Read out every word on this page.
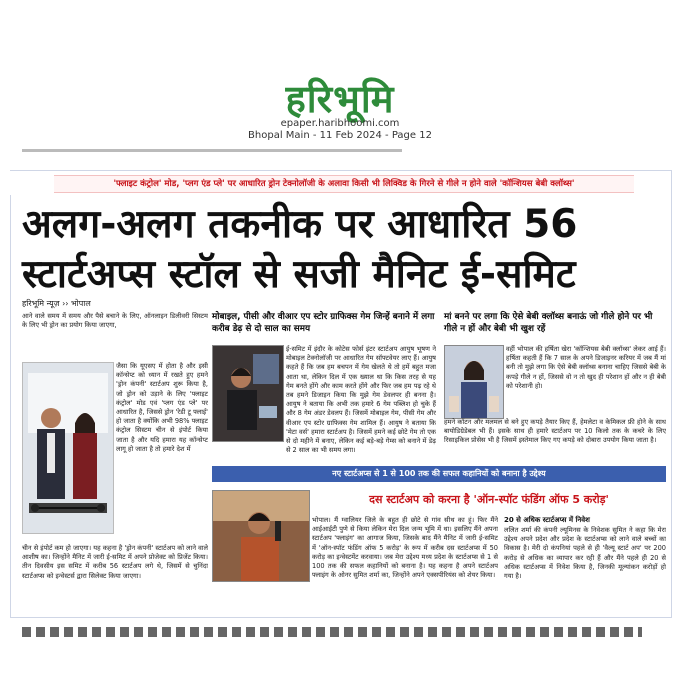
हरिभूमि
epaper.haribhoomi.com
Bhopal Main - 11 Feb 2024 - Page 12
'फ्लाइट कंट्रोल' मोड, 'प्लग एंड प्ले' पर आधारित ड्रोन टेक्नोलॉजी के अलावा किसी भी लिक्विड के गिरने से गीले न होने वाले 'कॉन्शियस बेबी क्लॉथ्स'
अलग-अलग तकनीक पर आधारित 56
स्टार्टअप्स स्टॉल से सजी मैनिट ई-समिट
हरिभूमि न्यूज़ ›› भोपाल
आने वाले समय में समय और पैसे बचाने के लिए, ऑनलाइन डिलीवरी सिस्टम के लिए भी ड्रोन का प्रयोग किया जाएगा,
जैसा कि यूएसए में होता है और इसी कॉन्सेप्ट को ध्यान में रखते हुए हमने 'ड्रोन कंपनी' स्टार्टअप शुरू किया है, जो ड्रोन को उड़ाने के लिए 'फ्लाइट कंट्रोल' मोड एवं 'प्लग एंड प्ले' पर आधारित है, जिससे ड्रोन 'रेडी टू फ्लाई' हो जाता है क्योंकि अभी 98% फ्लाइट कंट्रोल सिस्टम चीन से इंपोर्ट किया जाता है और यदि हमारा यह कॉन्सेप्ट लागू हो जाता है तो हमारे देश में
चीन से इंपोर्ट कम हो जाएगा। यह कहना है 'ड्रोन कंपनी' स्टार्टअप को लाने वाले आशीष का। जिन्होंने मैनिट में जारी ई-समिट में अपने प्रोजेक्ट को प्रिजेंट किया। तीन दिवसीय इस समिट में करीब 56 स्टार्टअप लगे थे, जिसमें से चुनिंदा स्टार्टअप्स को इन्वेस्टर्स द्वारा सिलेक्ट किया जाएगा।
मोबाइल, पीसी और वीआर एप स्टोर ग्राफिक्स गेम जिन्हें बनाने में लगा करीब डेढ़ से दो साल का समय
ई-समिट में इंदौर के कोटेस फोर्स इंटर स्टार्टअप आयुष भूषण ने मोबाइल टेक्नोलॉजी पर आधारित गेम सॉफ्टवेयर लाए हैं। आयुष कहते हैं कि जब हम बचपन में गेम खेलते थे तो हमें बहुत मजा आता था, लेकिन दिल में एक ख्याल था कि किस तरह से यह गेम बनते होंगे और काम करते होंगे और फिर जब हम पढ़ रहे थे तब हमने डिजाइन किया कि मुझे गेम डेवलपर ही बनना है। आयुष ने बताया कि अभी तक हमारे 6 गेम पब्लिश हो चुके हैं और 8 गेम अंडर डेवलप हैं। जिसमें मोबाइल गेम, पीसी गेम और वीआर एप स्टोर ग्राफिक्स गेम शामिल हैं। आयुष ने बताया कि 'मेटा वर्स' हमारा स्टार्टअप है। जिसमें हमने कई छोटे गेम तो एक से दो महीने में बनाए, लेकिन कई बड़े-बड़े गेम्स को बनाने में डेढ़ से 2 साल का भी समय लगा।
मां बनने पर लगा कि ऐसे बेबी क्लॉथ्स बनाऊं जो गीले होने पर भी गीले न हों और बेबी भी खुश रहें
वहीं भोपाल की हर्षिता खेरा 'कॉन्शियस बेबी क्लॉथ्स' लेकर आई हैं। हर्षिता कहती हैं कि 7 साल के अपने डिजाइनर करियर में जब मैं मां बनी तो मुझे लगा कि ऐसे बेबी क्लॉथ्स बनाना चाहिए जिससे बेबी के कपड़े गीले न हों, जिससे वो न तो खुद ही परेशान हों और न ही बेबी को परेशानी हो।
हमने कॉटन और मलमल से बने हुए कपड़े तैयार किए हैं, हेमलेटा व केमिकल फ्री होने के साथ बायोडिग्रेडेबल भी हैं। इसके साथ ही हमारे स्टार्टअप पर 10 किलो तक के कचरे के लिए रिसाइकिल प्रोसेस भी है जिसमें इस्तेमाल किए गए कपड़े को दोबारा उपयोग किया जाता है।
नए स्टार्टअप्स से 1 से 100 तक की सफल कहानियों को बनाना है उद्देश्य
दस स्टार्टअप को करना है 'ऑन-स्पॉट फंडिंग ऑफ 5 करोड़'
भोपाल। मैं ग्वालियर जिले के बहुत ही छोटे से गांव सीथ का हूं। फिर मैंने आईआईटी पुणे से किया लेकिन मेरा दिल जन्म भूमि में था। इसलिए मैंने अपना स्टार्टअप 'फ्लाइंग' का आगाज किया, जिसके बाद मैंने मैनिट में जारी ई-समिट में 'ऑन-स्पॉट फंडिंग ऑफ 5 करोड़' के रूप में करीब दस स्टार्टअप्स में 50 करोड़ का इन्वेस्टमेंट करवाया। जब मेरा उद्देश्य मध्य प्रदेश के स्टार्टअप्स से 1 से 100 तक की सफल कहानियों को बनाना है। यह कहना है अपने स्टार्टअप फ्लाइंग के ओनर सुमित शर्मा का, जिन्होंने अपने एक्सपीरियंस को शेयर किया।
20 से अधिक स्टार्टअप्स में निवेश
ललित शर्मा की कंपनी ल्यूमिनस के निवेशक सुमित ने कहा कि मेरा उद्देश्य अपने प्रदेश और प्रदेश के स्टार्टअप्स को लाने वाले बच्चों का विकास है। मेरी दो कंपनियां पहले से ही 'वैल्यू स्टार्ट अप' पर 200 करोड़ से अधिक का व्यापार कर रही हैं और मैंने पहले ही 20 से अधिक स्टार्टअप्स में निवेश किया है, जिनकी मूल्यांकन करोड़ों हो गया है।
